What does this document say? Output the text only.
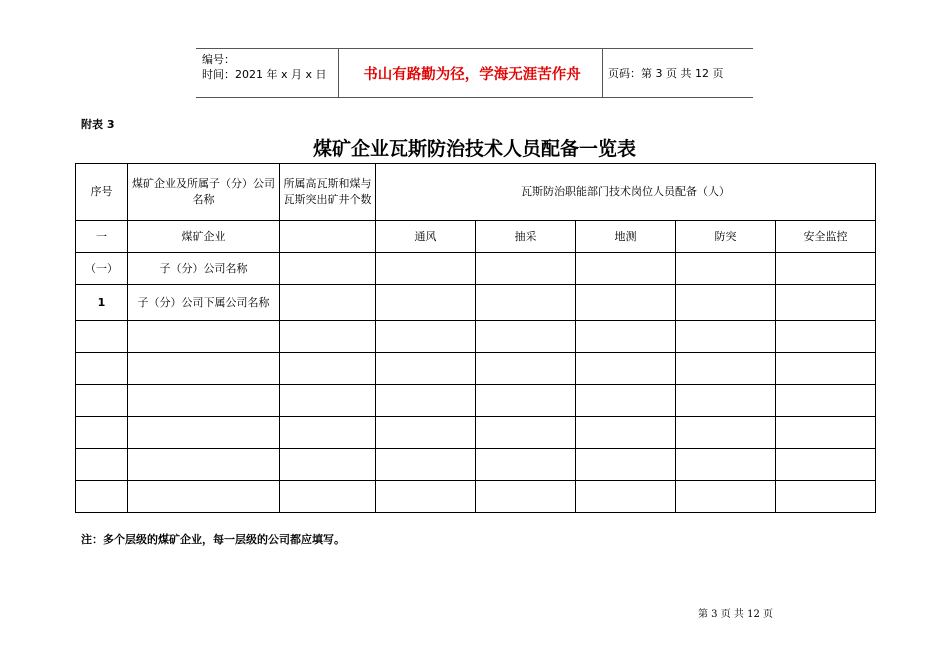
编号：
时间：2021 年 x 月 x 日	书山有路勤为径，学海无涯苦作舟	页码：第 3 页 共 12 页
附表 3
煤矿企业瓦斯防治技术人员配备一览表
序号	煤矿企业及所属子（分）公司名称	所属高瓦斯和煤与瓦斯突出矿井个数	瓦斯防治职能部门技术岗位人员配备（人）				
一	煤矿企业		通风	抽采	地测	防突	安全监控
（一）	子（分）公司名称						
1	子（分）公司下属公司名称						

注：多个层级的煤矿企业，每一层级的公司都应填写。
第 3 页 共 12 页
